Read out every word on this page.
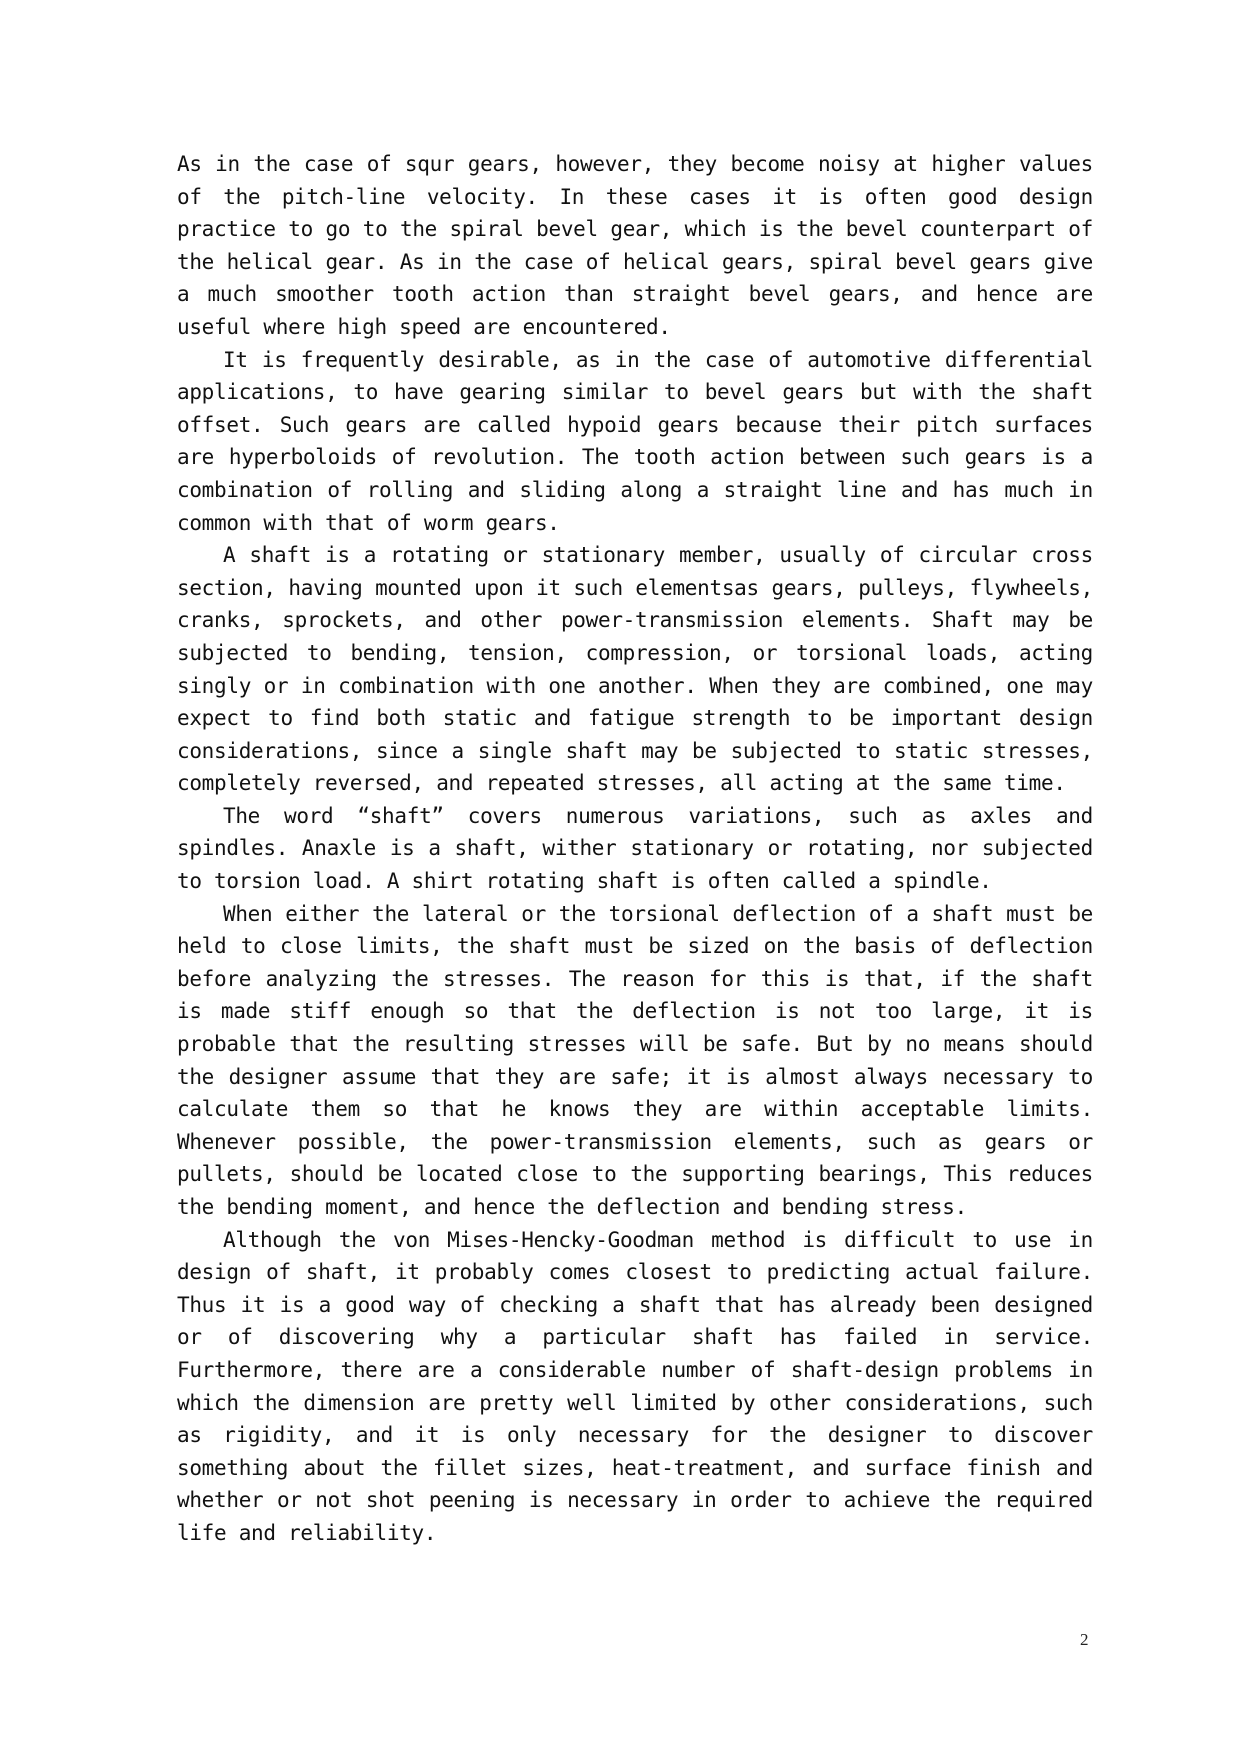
As in the case of squr gears, however, they become noisy at higher values of the pitch-line velocity. In these cases it is often good design practice to go to the spiral bevel gear, which is the bevel counterpart of the helical gear. As in the case of helical gears, spiral bevel gears give a much smoother tooth action than straight bevel gears, and hence are useful where high speed are encountered.

It is frequently desirable, as in the case of automotive differential applications, to have gearing similar to bevel gears but with the shaft offset. Such gears are called hypoid gears because their pitch surfaces are hyperboloids of revolution. The tooth action between such gears is a combination of rolling and sliding along a straight line and has much in common with that of worm gears.

A shaft is a rotating or stationary member, usually of circular cross section, having mounted upon it such elementsas gears, pulleys, flywheels, cranks, sprockets, and other power-transmission elements. Shaft may be subjected to bending, tension, compression, or torsional loads, acting singly or in combination with one another. When they are combined, one may expect to find both static and fatigue strength to be important design considerations, since a single shaft may be subjected to static stresses, completely reversed, and repeated stresses, all acting at the same time.

The word “shaft” covers numerous variations, such as axles and spindles. Anaxle is a shaft, wither stationary or rotating, nor subjected to torsion load. A shirt rotating shaft is often called a spindle.

When either the lateral or the torsional deflection of a shaft must be held to close limits, the shaft must be sized on the basis of deflection before analyzing the stresses. The reason for this is that, if the shaft is made stiff enough so that the deflection is not too large, it is probable that the resulting stresses will be safe. But by no means should the designer assume that they are safe; it is almost always necessary to calculate them so that he knows they are within acceptable limits. Whenever possible, the power-transmission elements, such as gears or pullets, should be located close to the supporting bearings, This reduces the bending moment, and hence the deflection and bending stress.

Although the von Mises-Hencky-Goodman method is difficult to use in design of shaft, it probably comes closest to predicting actual failure. Thus it is a good way of checking a shaft that has already been designed or of discovering why a particular shaft has failed in service. Furthermore, there are a considerable number of shaft-design problems in which the dimension are pretty well limited by other considerations, such as rigidity, and it is only necessary for the designer to discover something about the fillet sizes, heat-treatment, and surface finish and whether or not shot peening is necessary in order to achieve the required life and reliability.

2
